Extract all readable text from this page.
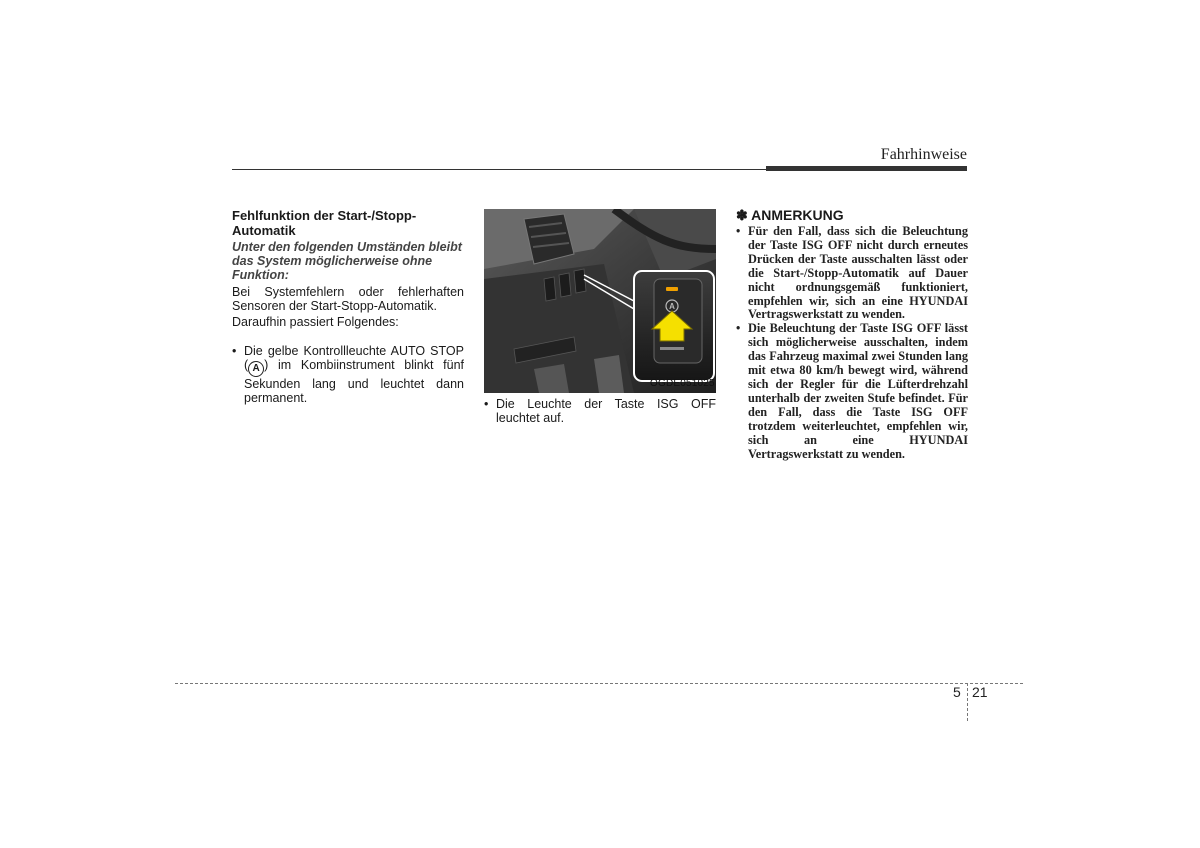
Fahrhinweise

Fehlfunktion der Start-/Stopp-Automatik

Unter den folgenden Umständen bleibt das System möglicherweise ohne Funktion:

Bei Systemfehlern oder fehlerhaften Sensoren der Start-Stopp-Automatik.

Daraufhin passiert Folgendes:

• Die gelbe Kontrollleuchte AUTO STOP ( A ) im Kombiinstrument blinkt fünf Sekunden lang und leuchtet dann permanent.
A
OGDE051025
• Die Leuchte der Taste ISG OFF leuchtet auf.

✽ ANMERKUNG

• Für den Fall, dass sich die Beleuchtung der Taste ISG OFF nicht durch erneutes Drücken der Taste ausschalten lässt oder die Start-/Stopp-Automatik auf Dauer nicht ordnungsgemäß funktioniert, empfehlen wir, sich an eine HYUNDAI Vertragswerkstatt zu wenden.
• Die Beleuchtung der Taste ISG OFF lässt sich möglicherweise ausschalten, indem das Fahrzeug maximal zwei Stunden lang mit etwa 80 km/h bewegt wird, während sich der Regler für die Lüfterdrehzahl unterhalb der zweiten Stufe befindet. Für den Fall, dass die Taste ISG OFF trotzdem weiterleuchtet, empfehlen wir, sich an eine HYUNDAI Vertragswerkstatt zu wenden.
5 21
